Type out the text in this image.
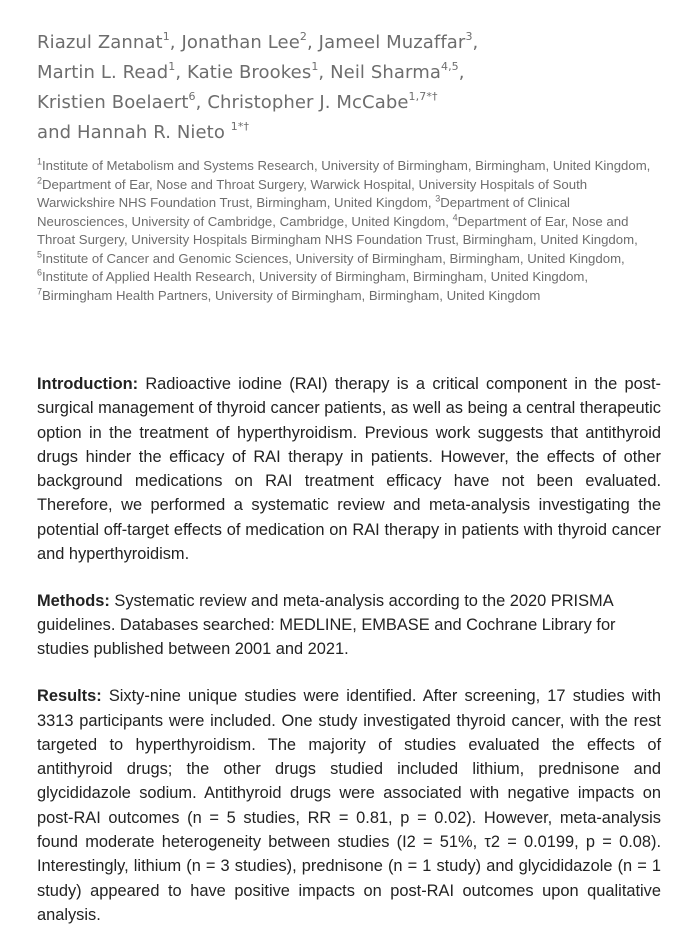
Riazul Zannat$^1$, Jonathan Lee$^2$, Jameel Muzaffar$^3$,
Martin L. Read$^1$, Katie Brookes$^1$, Neil Sharma$^{4,5}$,
Kristien Boelaert$^6$, Christopher J. McCabe$^{1,7*\dagger}$
and Hannah R. Nieto $^{1*\dagger}$
$^1$Institute of Metabolism and Systems Research, University of Birmingham, Birmingham, United Kingdom, $^2$Department of Ear, Nose and Throat Surgery, Warwick Hospital, University Hospitals of South Warwickshire NHS Foundation Trust, Birmingham, United Kingdom, $^3$Department of Clinical Neurosciences, University of Cambridge, Cambridge, United Kingdom, $^4$Department of Ear, Nose and Throat Surgery, University Hospitals Birmingham NHS Foundation Trust, Birmingham, United Kingdom, $^5$Institute of Cancer and Genomic Sciences, University of Birmingham, Birmingham, United Kingdom, $^6$Institute of Applied Health Research, University of Birmingham, Birmingham, United Kingdom, $^7$Birmingham Health Partners, University of Birmingham, Birmingham, United Kingdom

Introduction: Radioactive iodine (RAI) therapy is a critical component in the post-surgical management of thyroid cancer patients, as well as being a central therapeutic option in the treatment of hyperthyroidism. Previous work suggests that antithyroid drugs hinder the efficacy of RAI therapy in patients. However, the effects of other background medications on RAI treatment efficacy have not been evaluated. Therefore, we performed a systematic review and meta-analysis investigating the potential off-target effects of medication on RAI therapy in patients with thyroid cancer and hyperthyroidism.

Methods: Systematic review and meta-analysis according to the 2020 PRISMA guidelines. Databases searched: MEDLINE, EMBASE and Cochrane Library for studies published between 2001 and 2021.

Results: Sixty-nine unique studies were identified. After screening, 17 studies with 3313 participants were included. One study investigated thyroid cancer, with the rest targeted to hyperthyroidism. The majority of studies evaluated the effects of antithyroid drugs; the other drugs studied included lithium, prednisone and glycididazole sodium. Antithyroid drugs were associated with negative impacts on post-RAI outcomes (n = 5 studies, RR = 0.81, p = 0.02). However, meta-analysis found moderate heterogeneity between studies (I2 = 51%, τ2 = 0.0199, p = 0.08). Interestingly, lithium (n = 3 studies), prednisone (n = 1 study) and glycididazole (n = 1 study) appeared to have positive impacts on post-RAI outcomes upon qualitative analysis.
